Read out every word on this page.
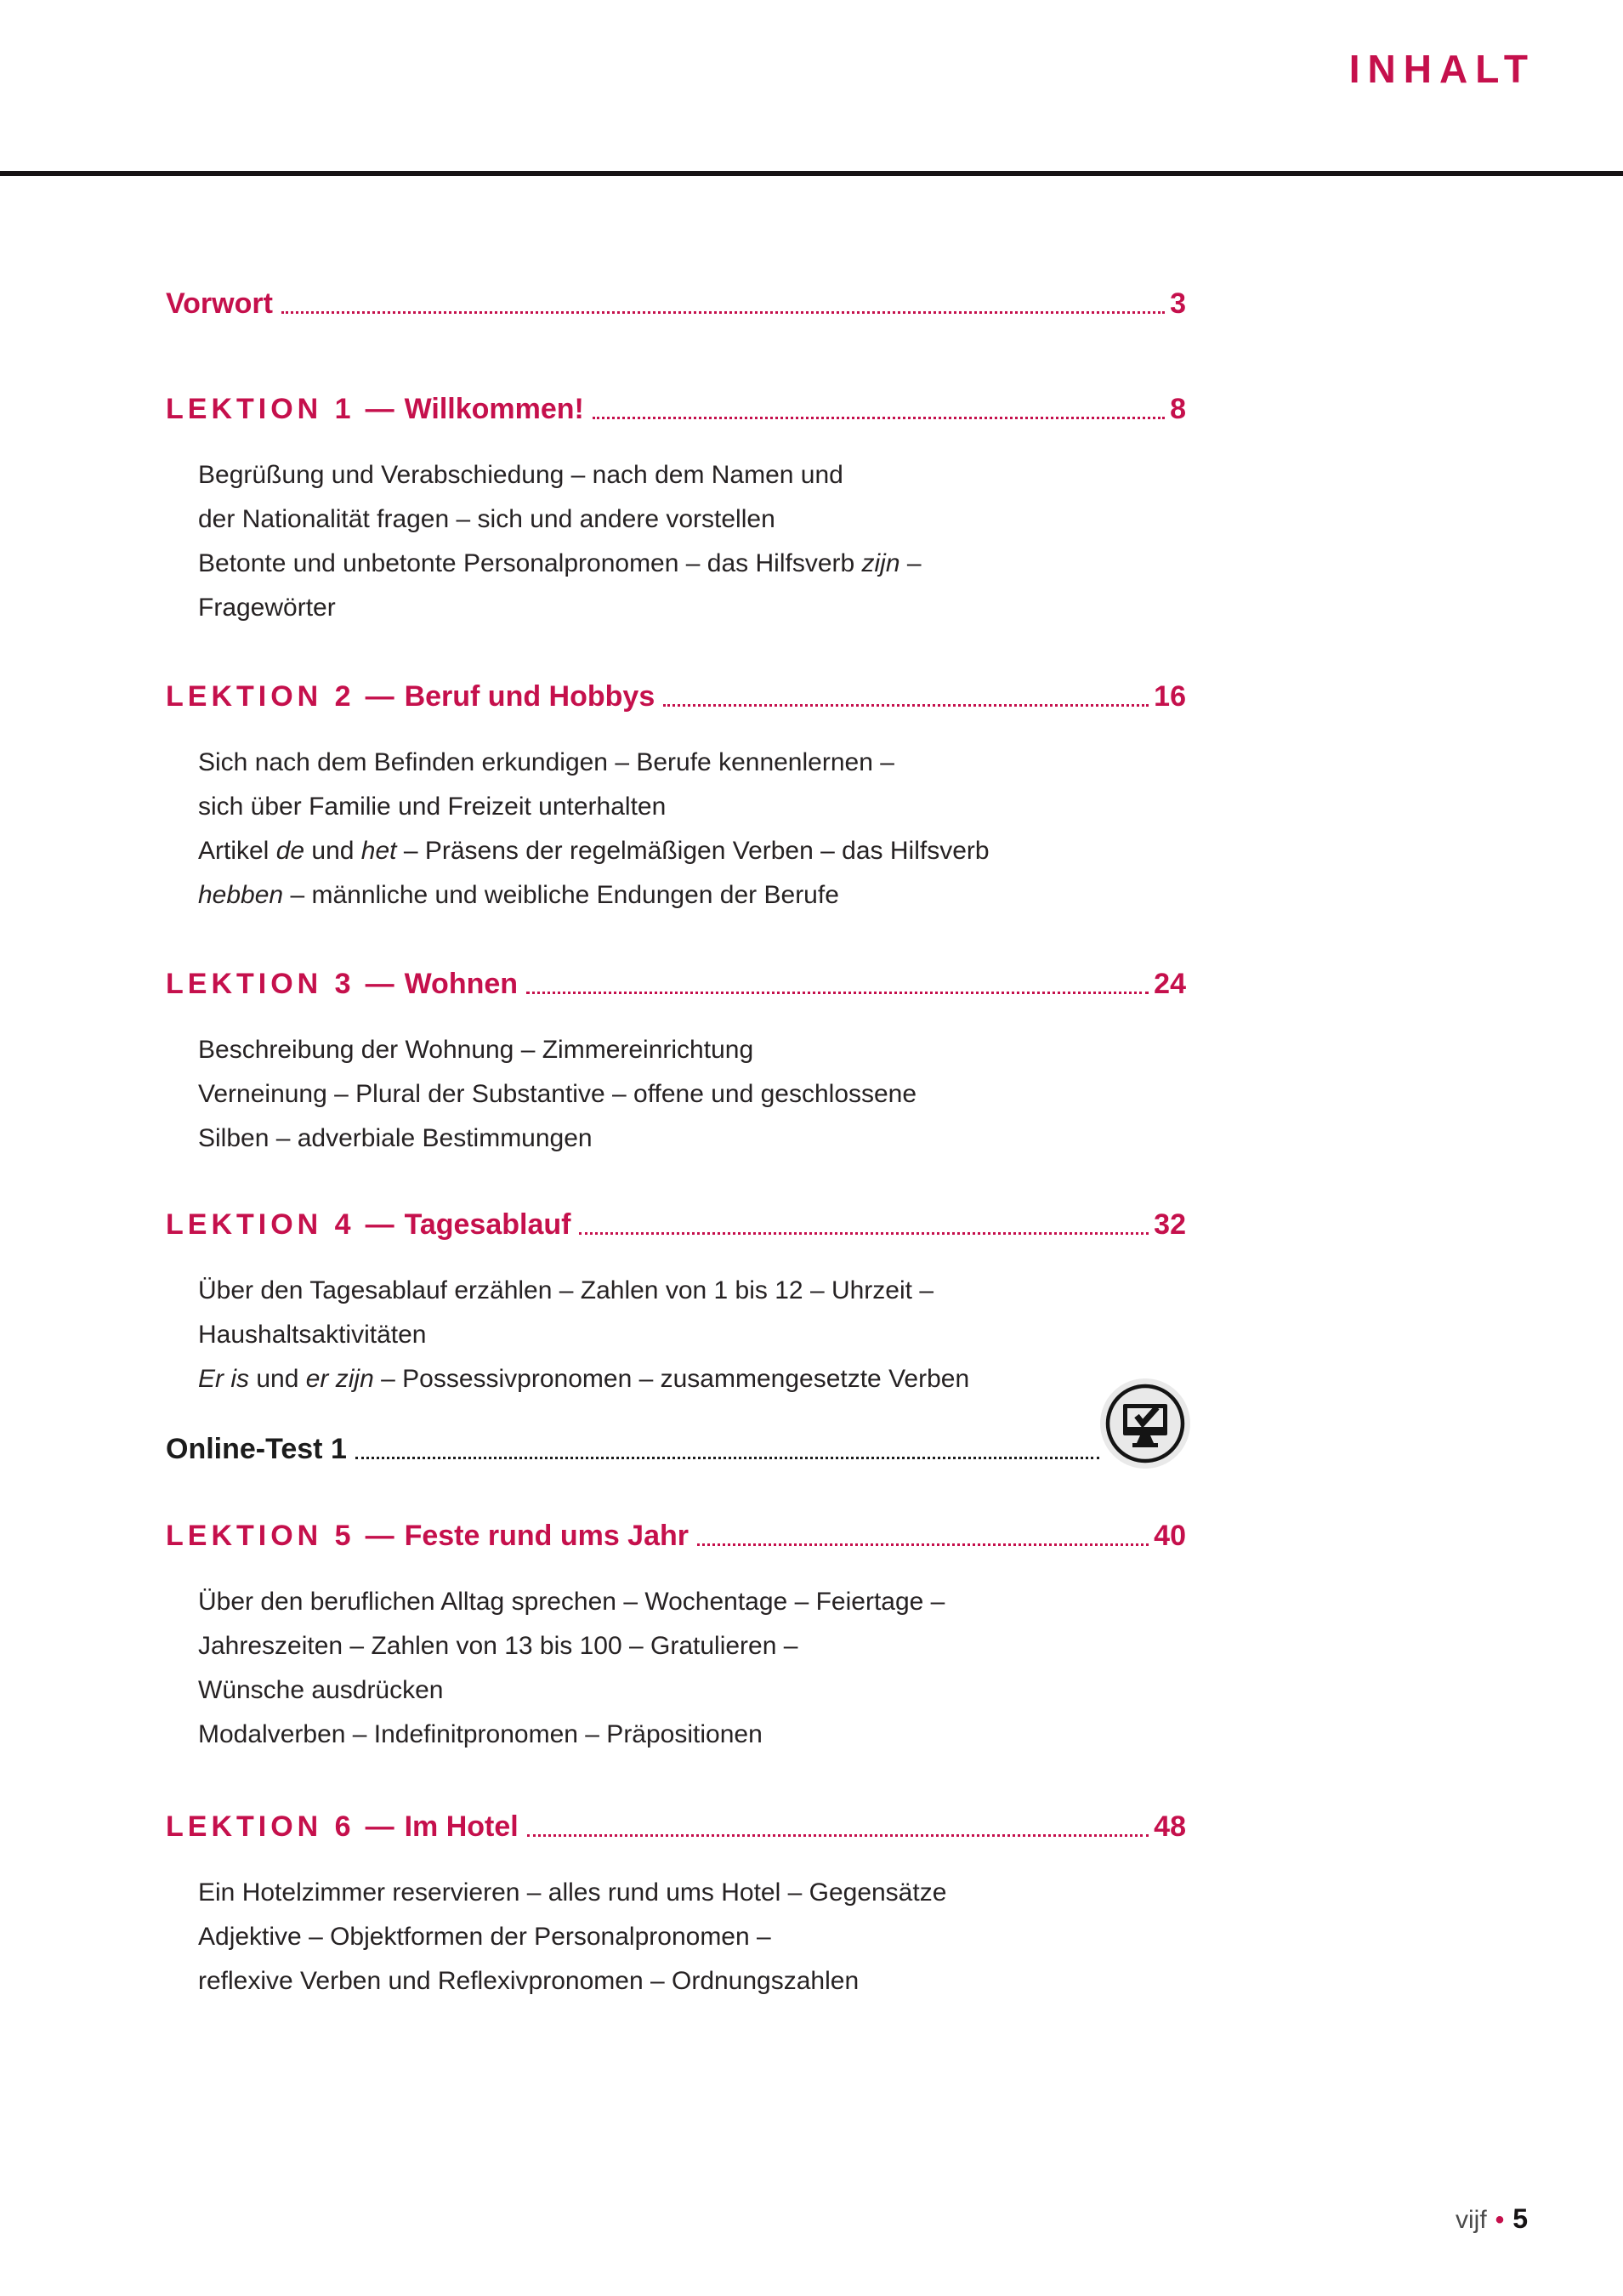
INHALT
Vorwort	3
LEKTION 1 — Willkommen!	8
Begrüßung und Verabschiedung – nach dem Namen und
der Nationalität fragen – sich und andere vorstellen
Betonte und unbetonte Personalpronomen – das Hilfsverb zijn –
Fragewörter
LEKTION 2 — Beruf und Hobbys	16
Sich nach dem Befinden erkundigen – Berufe kennenlernen –
sich über Familie und Freizeit unterhalten
Artikel de und het – Präsens der regelmäßigen Verben – das Hilfsverb
hebben – männliche und weibliche Endungen der Berufe
LEKTION 3 — Wohnen	24
Beschreibung der Wohnung – Zimmereinrichtung
Verneinung – Plural der Substantive – offene und geschlossene
Silben – adverbiale Bestimmungen
LEKTION 4 — Tagesablauf	32
Über den Tagesablauf erzählen – Zahlen von 1 bis 12 – Uhrzeit –
Haushaltsaktivitäten
Er is und er zijn – Possessivpronomen – zusammengesetzte Verben
Online-Test 1
LEKTION 5 — Feste rund ums Jahr	40
Über den beruflichen Alltag sprechen – Wochentage – Feiertage –
Jahreszeiten – Zahlen von 13 bis 100 – Gratulieren –
Wünsche ausdrücken
Modalverben – Indefinitpronomen – Präpositionen
LEKTION 6 — Im Hotel	48
Ein Hotelzimmer reservieren – alles rund ums Hotel – Gegensätze
Adjektive – Objektformen der Personalpronomen –
reflexive Verben und Reflexivpronomen – Ordnungszahlen
vijf • 5
